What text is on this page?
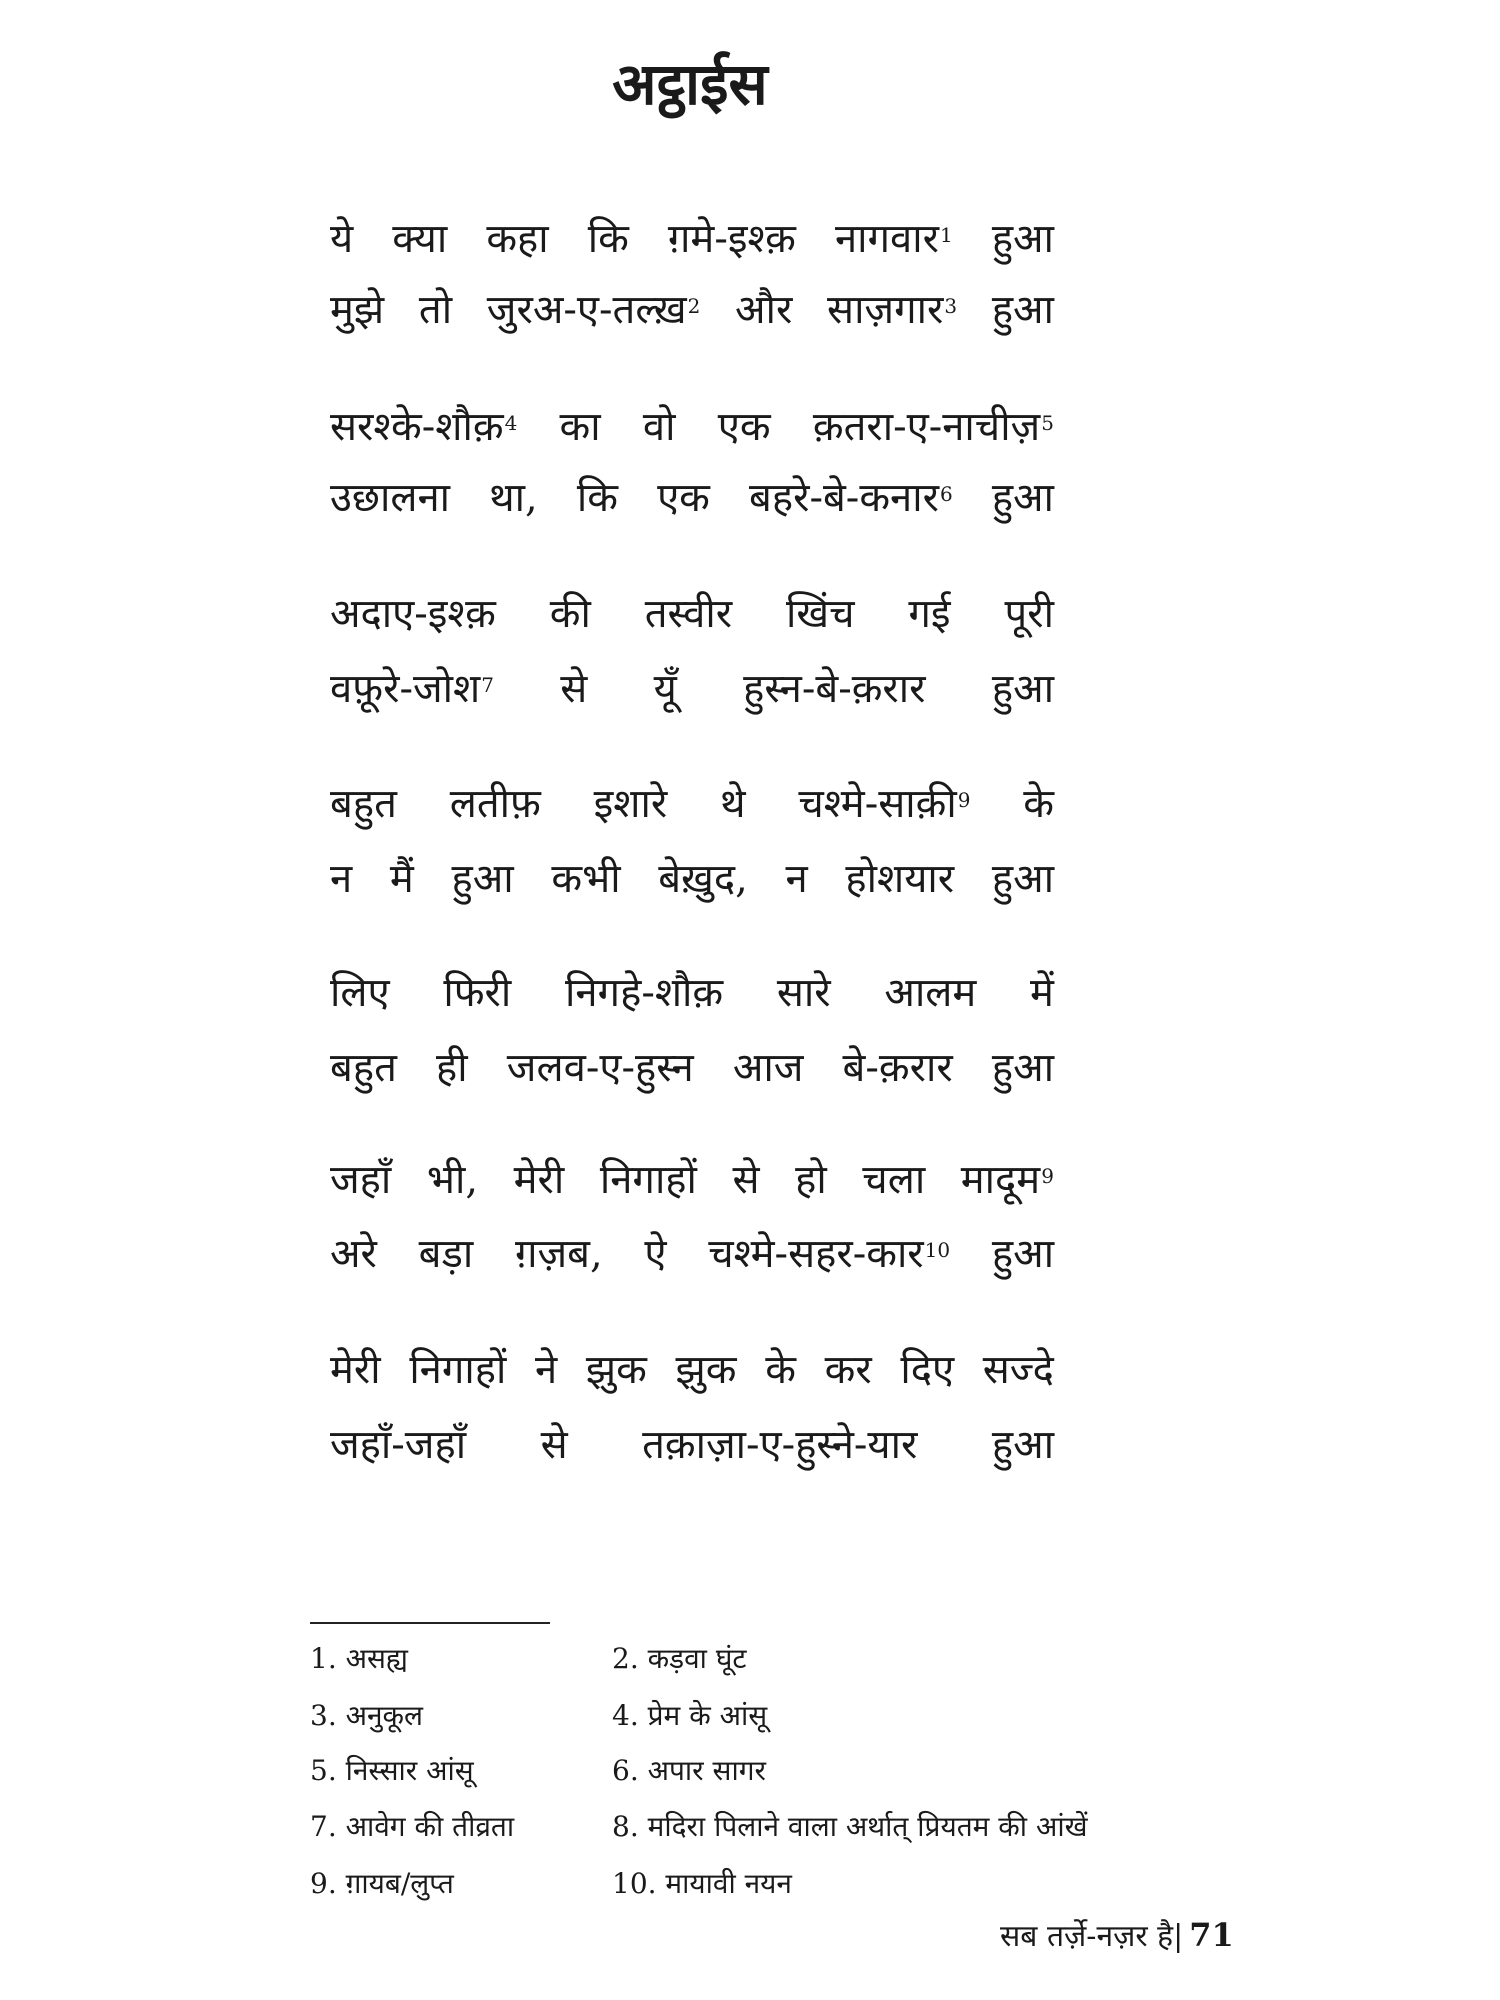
अट्ठाईस
ये क्या कहा कि ग़मे-इश्क़ नागवार$^1$ हुआ
मुझे तो जुरअ-ए-तल्ख़$^2$ और साज़गार$^3$ हुआ
सरश्के-शौक़$^4$ का वो एक क़तरा-ए-नाचीज़$^5$
उछालना था, कि एक बहरे-बे-कनार$^6$ हुआ
अदाए-इश्क़ की तस्वीर खिंच गई पूरी
वफ़ूरे-जोश$^7$ से यूँ हुस्न-बे-क़रार हुआ
बहुत लतीफ़ इशारे थे चश्मे-साक़ी$^9$ के
न मैं हुआ कभी बेख़ुद, न होशयार हुआ
लिए फिरी निगहे-शौक़ सारे आलम में
बहुत ही जलव-ए-हुस्न आज बे-क़रार हुआ
जहाँ भी, मेरी निगाहों से हो चला मादूम$^9$
अरे बड़ा ग़ज़ब, ऐ चश्मे-सहर-कार$^{10}$ हुआ
मेरी निगाहों ने झुक झुक के कर दिए सज्दे
जहाँ-जहाँ से तक़ाज़ा-ए-हुस्ने-यार हुआ
1. असह्य	2. कड़वा घूंट
3. अनुकूल	4. प्रेम के आंसू
5. निस्सार आंसू	6. अपार सागर
7. आवेग की तीव्रता	8. मदिरा पिलाने वाला अर्थात् प्रियतम की आंखें
9. ग़ायब/लुप्त	10. मायावी नयन
सब तर्ज़े-नज़र है| 71
